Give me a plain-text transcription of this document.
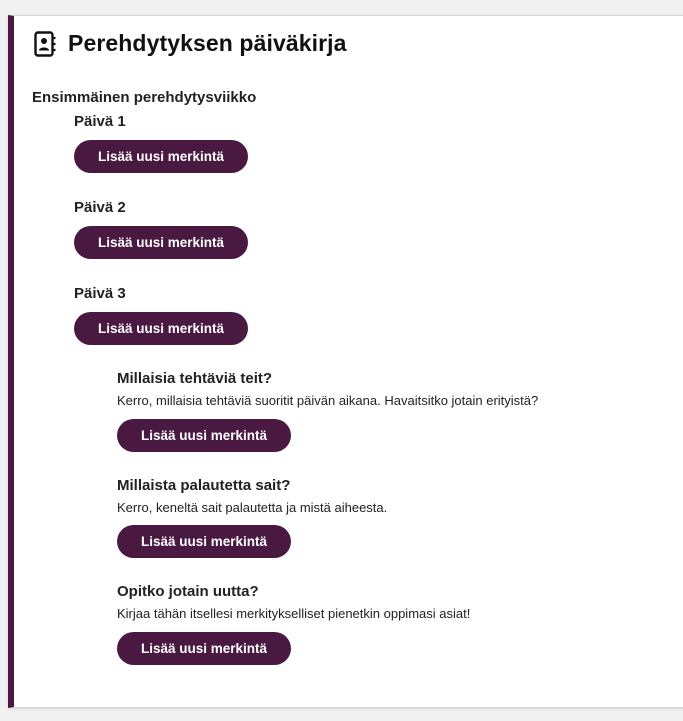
Perehdytyksen päiväkirja
Ensimmäinen perehdytysviikko
Päivä 1
Lisää uusi merkintä
Päivä 2
Lisää uusi merkintä
Päivä 3
Lisää uusi merkintä
Millaisia tehtäviä teit?
Kerro, millaisia tehtäviä suoritit päivän aikana. Havaitsitko jotain erityistä?
Lisää uusi merkintä
Millaista palautetta sait?
Kerro, keneltä sait palautetta ja mistä aiheesta.
Lisää uusi merkintä
Opitko jotain uutta?
Kirjaa tähän itsellesi merkitykselliset pienetkin oppimasi asiat!
Lisää uusi merkintä
